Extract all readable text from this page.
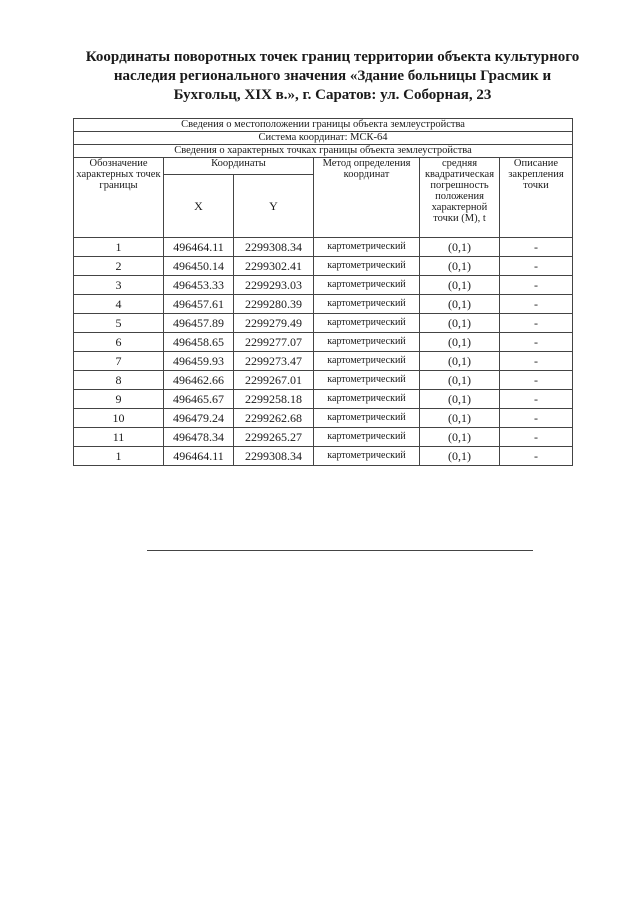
Координаты поворотных точек границ территории объекта культурного
наследия регионального значения «Здание больницы Грасмик и
Бухгольц, XIX в.», г. Саратов: ул. Соборная, 23
Сведения о местоположении границы объекта землеустройства					
Система координат: МСК-64					
Сведения о характерных точках границы объекта землеустройства					
Обозначение характерных точек границы	Координаты		Метод определения координат	средняя квадратическая погрешность положения характерной точки (М), t	Описание закрепления точки
	X	Y			
1	496464.11	2299308.34	картометрический	(0,1)	-
2	496450.14	2299302.41	картометрический	(0,1)	-
3	496453.33	2299293.03	картометрический	(0,1)	-
4	496457.61	2299280.39	картометрический	(0,1)	-
5	496457.89	2299279.49	картометрический	(0,1)	-
6	496458.65	2299277.07	картометрический	(0,1)	-
7	496459.93	2299273.47	картометрический	(0,1)	-
8	496462.66	2299267.01	картометрический	(0,1)	-
9	496465.67	2299258.18	картометрический	(0,1)	-
10	496479.24	2299262.68	картометрический	(0,1)	-
11	496478.34	2299265.27	картометрический	(0,1)	-
1	496464.11	2299308.34	картометрический	(0,1)	-
